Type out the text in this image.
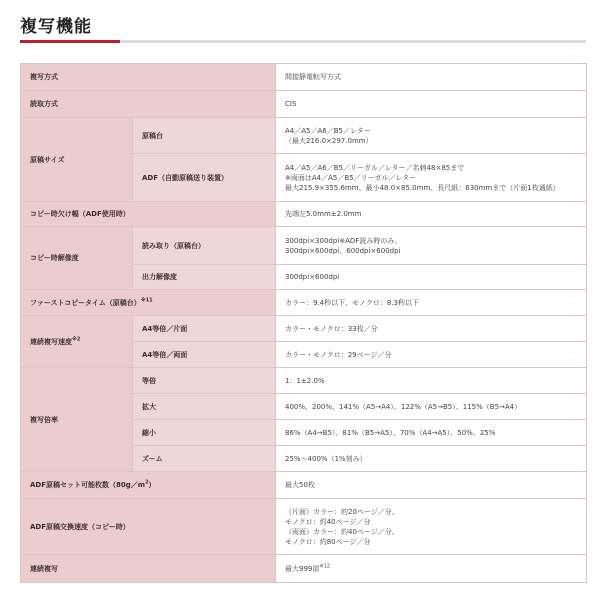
複写機能
複写方式		間接静電転写方式
読取方式		CIS
原稿サイズ	原稿台	A4／A5／A6／B5／レター
（最大216.0×297.0mm）

	ADF（自動原稿送り装置）	A4／A5／A6／B5／リーガル／レター／名刺48×85まで
※両面はA4／A5／B5／リーガル／レター
最大215.9×355.6mm、最小48.0×85.0mm、長尺紙：630mmまで（片面1枚通紙）

コピー時欠け幅（ADF使用時）		先端左5.0mm±2.0mm
コピー時解像度	読み取り（原稿台）	300dpi×300dpi※ADF読み時のみ、
300dpi×600dpi、600dpi×600dpi

	出力解像度	300dpi×600dpi
ファーストコピータイム（原稿台）$^{※11}$		カラー：9.4秒以下、モノクロ：8.3秒以下
連続複写速度$^{※2}$	A4等倍／片面	カラー・モノクロ：33枚／分
	A4等倍／両面	カラー・モノクロ：29ページ／分
複写倍率	等倍	1：1±2.0%
	拡大	400%、200%、141%（A5→A4）、122%（A5→B5）、115%（B5→A4）
	縮小	86%（A4→B5）、81%（B5→A5）、70%（A4→A5）、50%、25%
	ズーム	25%～400%（1%刻み）
ADF原稿セット可能枚数$(80g/m^2)$		最大50枚
ADF原稿交換速度（コピー時）		（片面）カラー：約20ページ／分、
モノクロ：約40ページ／分
（両面）カラー：約40ページ／分、
モノクロ：約80ページ／分

連続複写		最大999部$^{※12}$
